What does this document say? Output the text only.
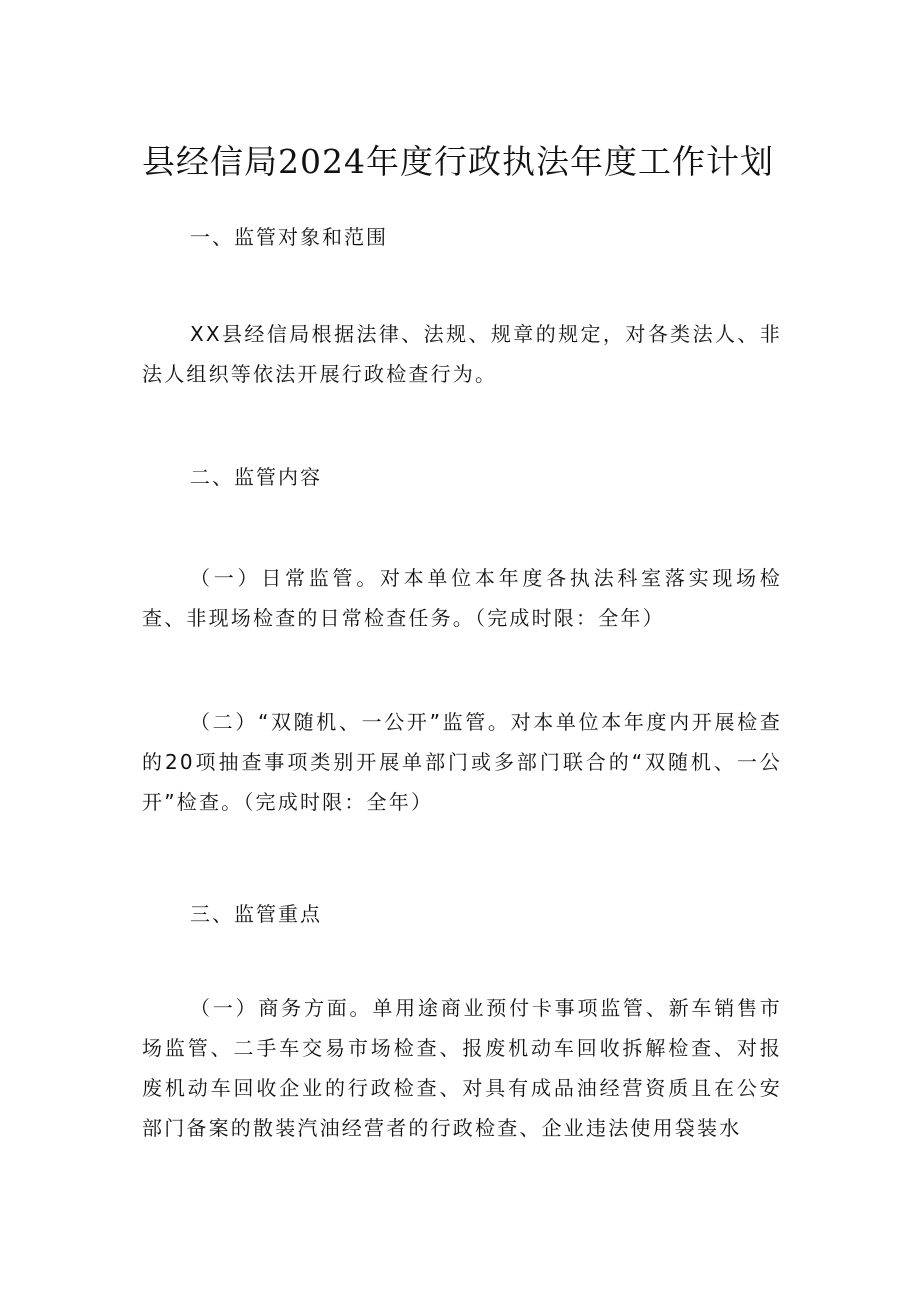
县经信局2024年度行政执法年度工作计划
一、监管对象和范围
XX县经信局根据法律、法规、规章的规定，对各类法人、非法人组织等依法开展行政检查行为。
二、监管内容
（一）日常监管。对本单位本年度各执法科室落实现场检查、非现场检查的日常检查任务。（完成时限：全年）
（二）“双随机、一公开”监管。对本单位本年度内开展检查的20项抽查事项类别开展单部门或多部门联合的“双随机、一公开”检查。（完成时限：全年）
三、监管重点
（一）商务方面。单用途商业预付卡事项监管、新车销售市场监管、二手车交易市场检查、报废机动车回收拆解检查、对报废机动车回收企业的行政检查、对具有成品油经营资质且在公安部门备案的散装汽油经营者的行政检查、企业违法使用袋装水
